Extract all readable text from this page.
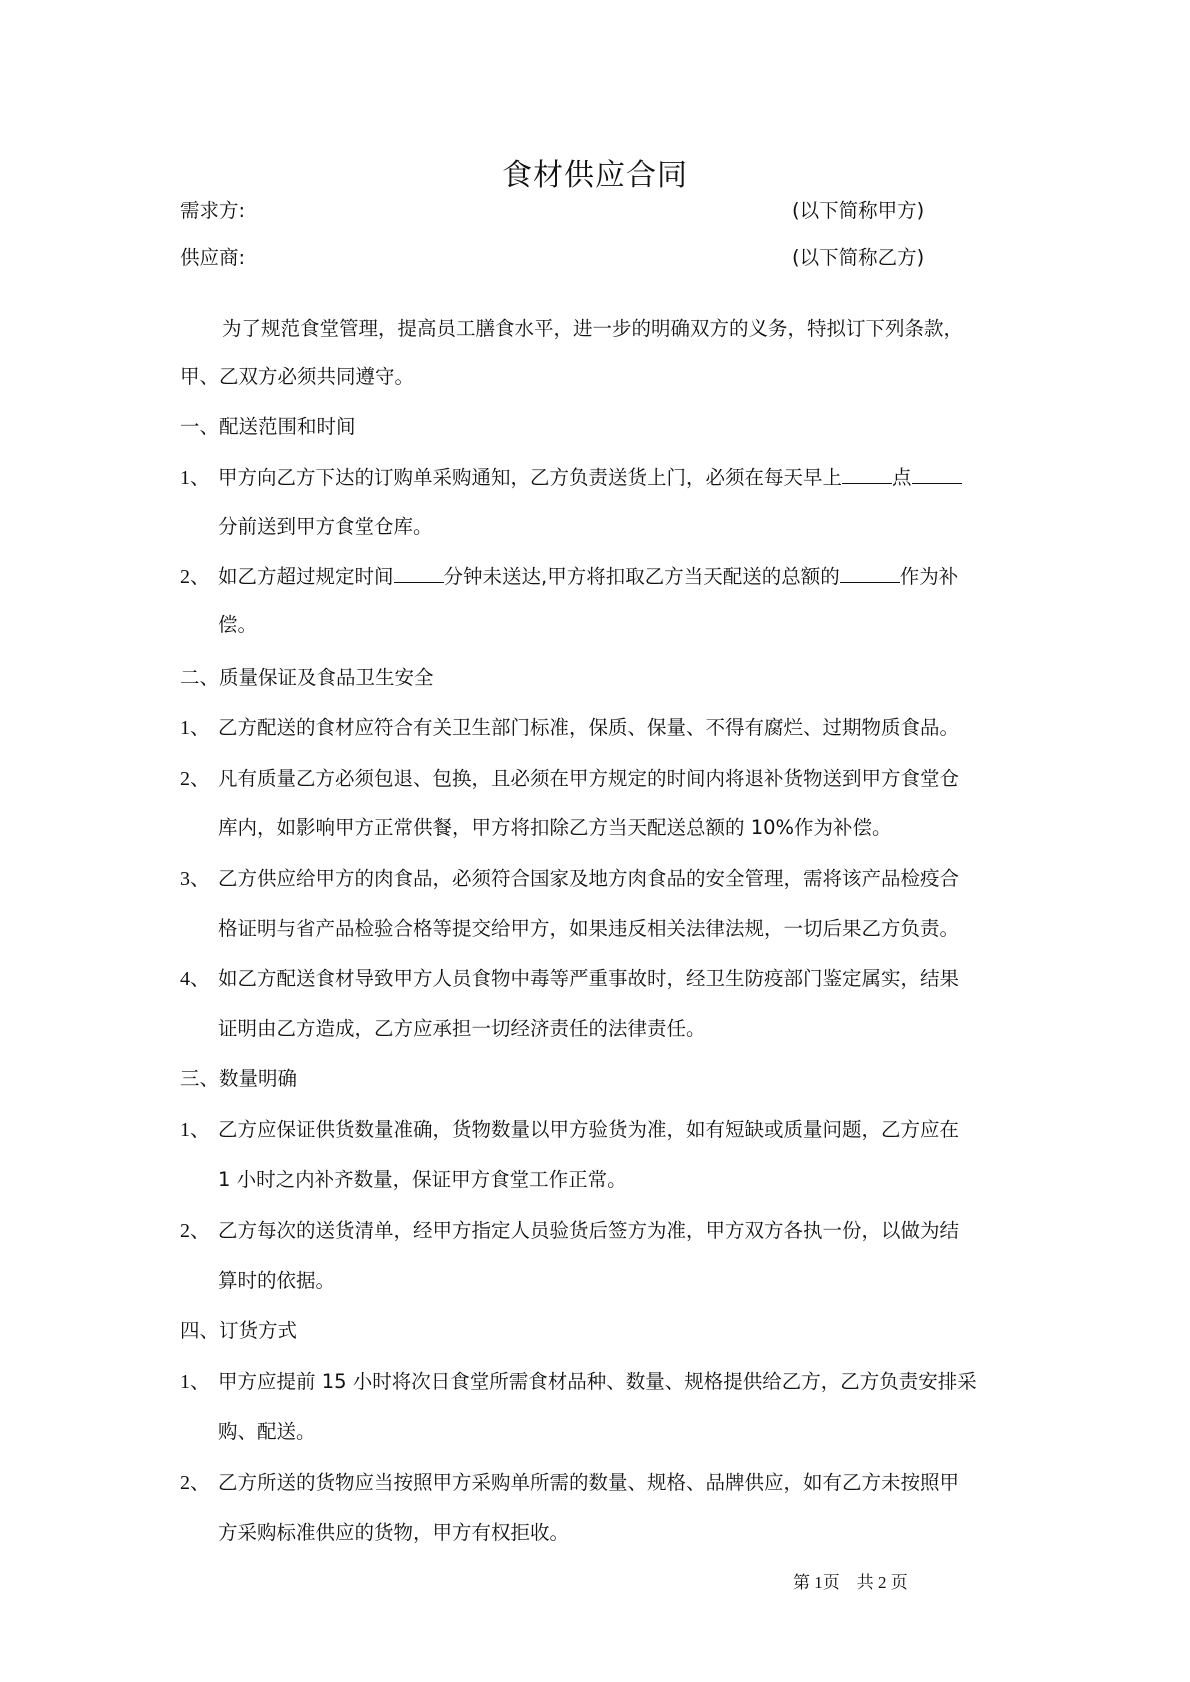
食材供应合同
需求方:	(以下简称甲方)
供应商:	(以下简称乙方)
为了规范食堂管理，提高员工膳食水平，进一步的明确双方的义务，特拟订下列条款，
甲、乙双方必须共同遵守。
一、配送范围和时间
1、 甲方向乙方下达的订购单采购通知，乙方负责送货上门，必须在每天早上	点
分前送到甲方食堂仓库。
2、 如乙方超过规定时间	分钟未送达,甲方将扣取乙方当天配送的总额的	作为补
偿。
二、质量保证及食品卫生安全
1、 乙方配送的食材应符合有关卫生部门标准，保质、保量、不得有腐烂、过期物质食品。
2、 凡有质量乙方必须包退、包换，且必须在甲方规定的时间内将退补货物送到甲方食堂仓
库内，如影响甲方正常供餐，甲方将扣除乙方当天配送总额的 10%作为补偿。
3、 乙方供应给甲方的肉食品，必须符合国家及地方肉食品的安全管理，需将该产品检疫合
格证明与省产品检验合格等提交给甲方，如果违反相关法律法规，一切后果乙方负责。
4、 如乙方配送食材导致甲方人员食物中毒等严重事故时，经卫生防疫部门鉴定属实，结果
证明由乙方造成，乙方应承担一切经济责任的法律责任。
三、数量明确
1、 乙方应保证供货数量准确，货物数量以甲方验货为准，如有短缺或质量问题，乙方应在
1 小时之内补齐数量，保证甲方食堂工作正常。
2、 乙方每次的送货清单，经甲方指定人员验货后签方为准，甲方双方各执一份，以做为结
算时的依据。
四、订货方式
1、 甲方应提前 15 小时将次日食堂所需食材品种、数量、规格提供给乙方，乙方负责安排采
购、配送。
2、 乙方所送的货物应当按照甲方采购单所需的数量、规格、品牌供应，如有乙方未按照甲
方采购标准供应的货物，甲方有权拒收。
第 1页    共 2 页
